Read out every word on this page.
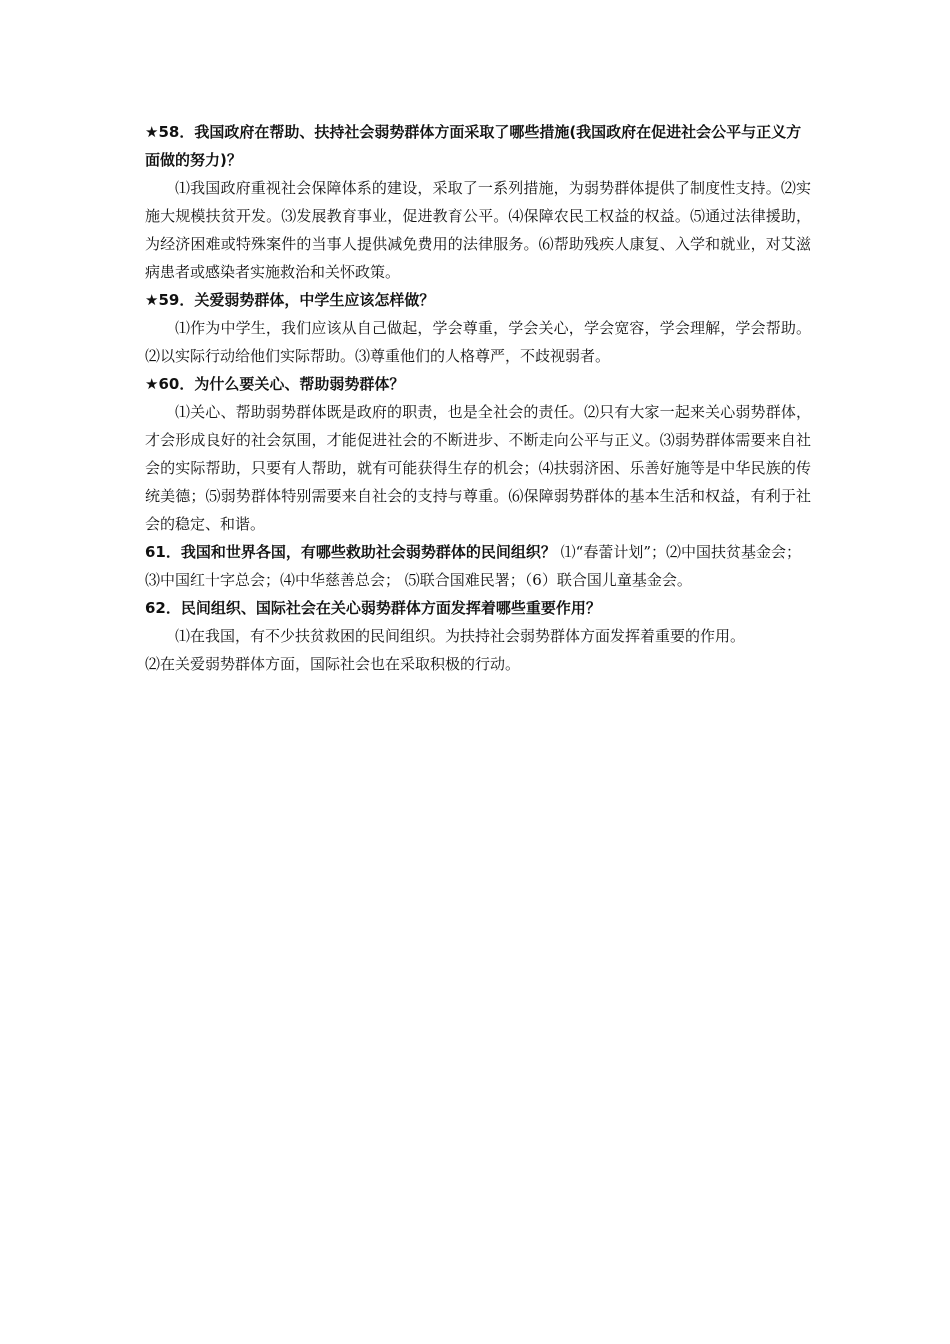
★58．我国政府在帮助、扶持社会弱势群体方面采取了哪些措施(我国政府在促进社会公平与正义方面做的努力)？

⑴我国政府重视社会保障体系的建设，采取了一系列措施，为弱势群体提供了制度性支持。⑵实施大规模扶贫开发。⑶发展教育事业，促进教育公平。⑷保障农民工权益的权益。⑸通过法律援助，为经济困难或特殊案件的当事人提供减免费用的法律服务。⑹帮助残疾人康复、入学和就业，对艾滋病患者或感染者实施救治和关怀政策。

★59．关爱弱势群体，中学生应该怎样做？

⑴作为中学生，我们应该从自己做起，学会尊重，学会关心，学会宽容，学会理解，学会帮助。⑵以实际行动给他们实际帮助。⑶尊重他们的人格尊严，不歧视弱者。

★60．为什么要关心、帮助弱势群体？

⑴关心、帮助弱势群体既是政府的职责，也是全社会的责任。⑵只有大家一起来关心弱势群体，才会形成良好的社会氛围，才能促进社会的不断进步、不断走向公平与正义。⑶弱势群体需要来自社会的实际帮助，只要有人帮助，就有可能获得生存的机会；⑷扶弱济困、乐善好施等是中华民族的传统美德；⑸弱势群体特别需要来自社会的支持与尊重。⑹保障弱势群体的基本生活和权益，有利于社会的稳定、和谐。

61．我国和世界各国，有哪些救助社会弱势群体的民间组织？ ⑴“春蕾计划”；⑵中国扶贫基金会；⑶中国红十字总会；⑷中华慈善总会； ⑸联合国难民署；（6）联合国儿童基金会。

62．民间组织、国际社会在关心弱势群体方面发挥着哪些重要作用？

⑴在我国，有不少扶贫救困的民间组织。为扶持社会弱势群体方面发挥着重要的作用。

⑵在关爱弱势群体方面，国际社会也在采取积极的行动。
